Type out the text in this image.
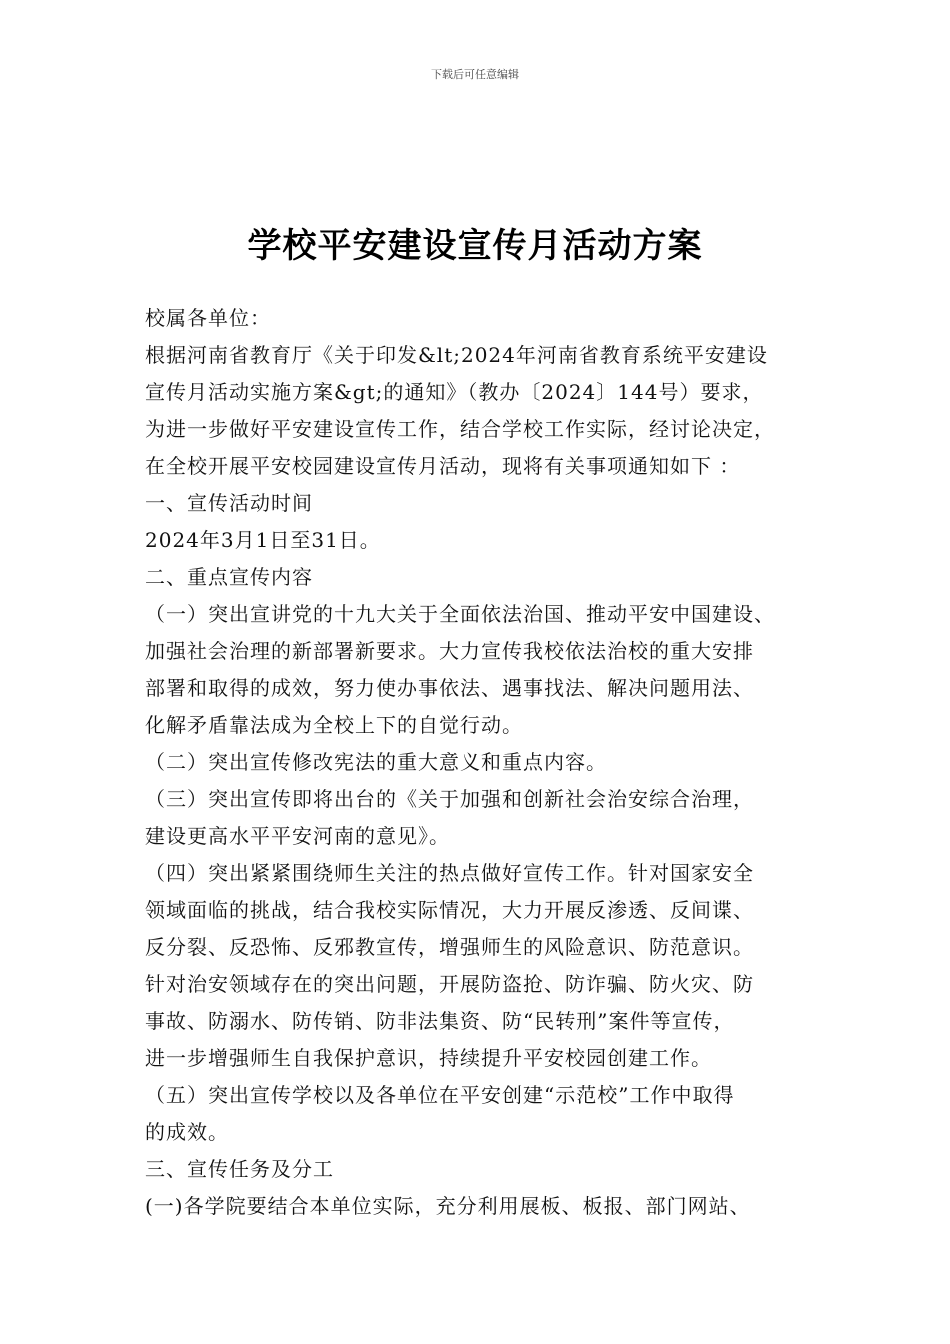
下载后可任意编辑
学校平安建设宣传月活动方案
校属各单位：
根据河南省教育厅《关于印发&lt;2024年河南省教育系统平安建设
宣传月活动实施方案&gt;的通知》（教办〔2024〕144号）要求，
为进一步做好平安建设宣传工作，结合学校工作实际，经讨论决定，
在全校开展平安校园建设宣传月活动，现将有关事项通知如下 ：
一、宣传活动时间
2024年3月1日至31日。
二、重点宣传内容
（一）突出宣讲党的十九大关于全面依法治国、推动平安中国建设、
加强社会治理的新部署新要求。大力宣传我校依法治校的重大安排
部署和取得的成效，努力使办事依法、遇事找法、解决问题用法、
化解矛盾靠法成为全校上下的自觉行动。
（二）突出宣传修改宪法的重大意义和重点内容。
（三）突出宣传即将出台的《关于加强和创新社会治安综合治理，
建设更高水平平安河南的意见》。
（四）突出紧紧围绕师生关注的热点做好宣传工作。针对国家安全
领域面临的挑战，结合我校实际情况，大力开展反渗透、反间谍、
反分裂、反恐怖、反邪教宣传，增强师生的风险意识、防范意识。
针对治安领域存在的突出问题，开展防盗抢、防诈骗、防火灾、防
事故、防溺水、防传销、防非法集资、防“民转刑”案件等宣传，
进一步增强师生自我保护意识，持续提升平安校园创建工作。
（五）突出宣传学校以及各单位在平安创建“示范校”工作中取得
的成效。
三、宣传任务及分工
(一)各学院要结合本单位实际，充分利用展板、板报、部门网站、
